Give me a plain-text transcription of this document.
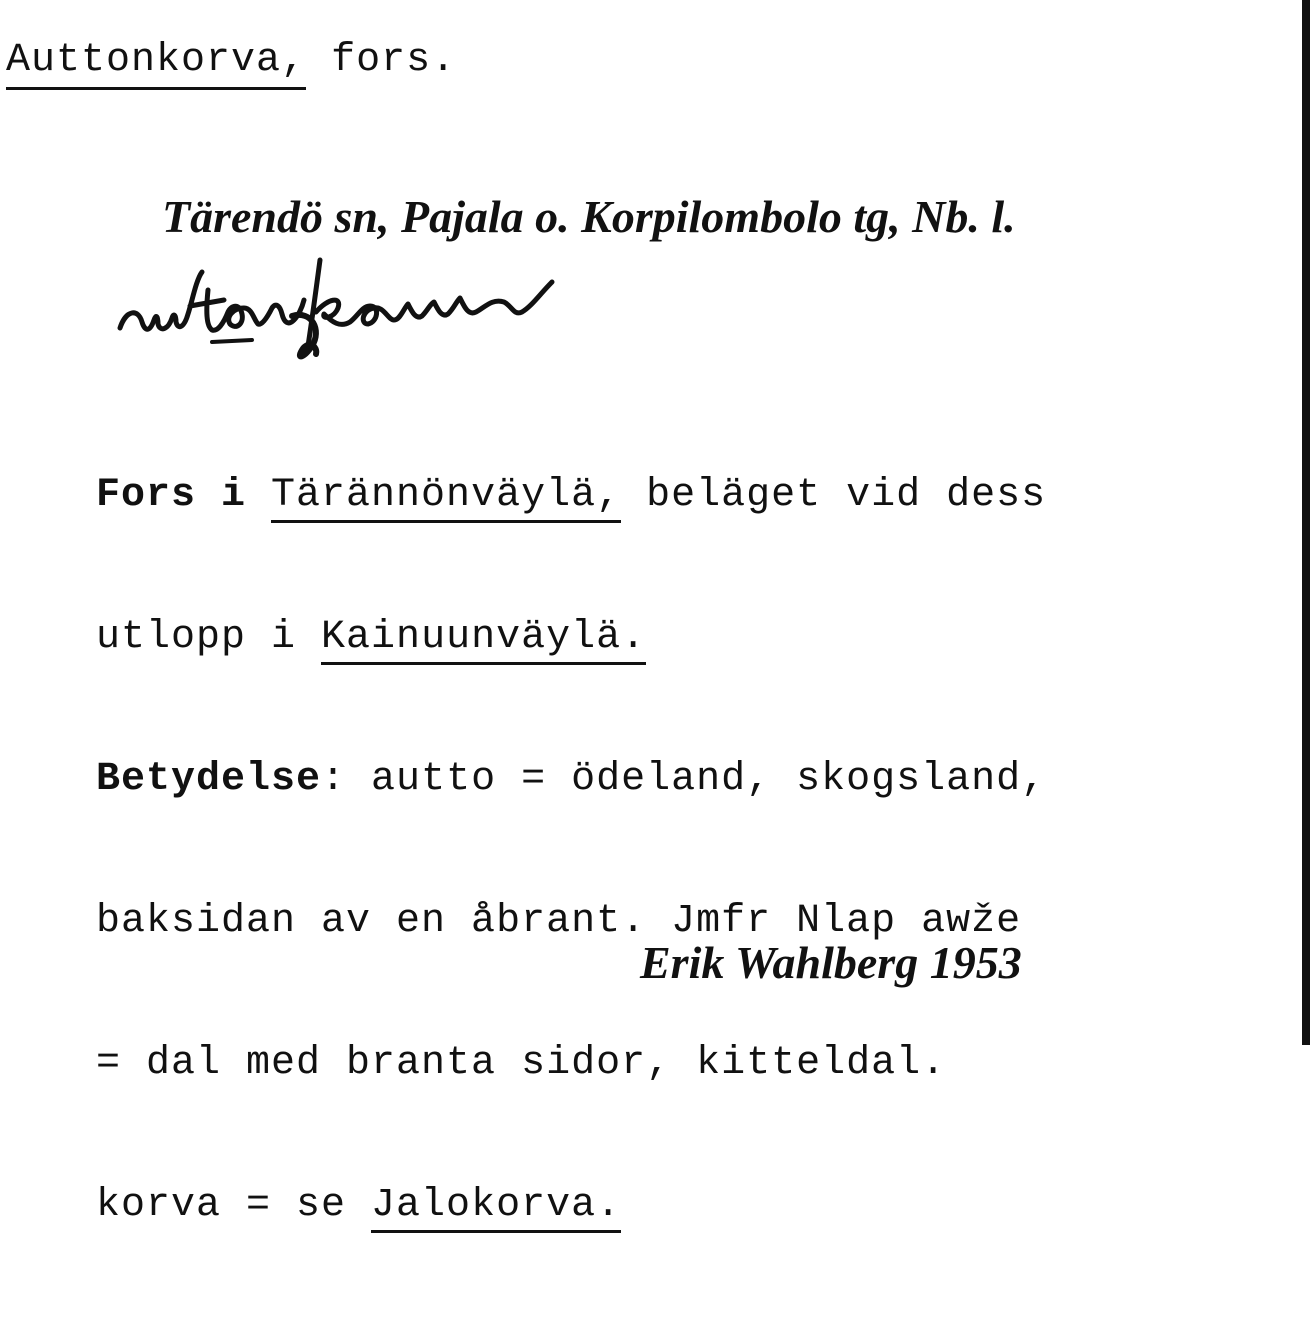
Auttonkorva, fors.
Tärendö sn, Pajala o. Korpilombolo tg, Nb. l.

Fors i Tärännönväylä, beläget vid dess

utlopp i Kainuunväylä.

Betydelse: autto = ödeland, skogsland,

baksidan av en åbrant. Jmfr Nlap awže

= dal med branta sidor, kitteldal.

korva = se Jalokorva.

Erik Wahlberg 1953
